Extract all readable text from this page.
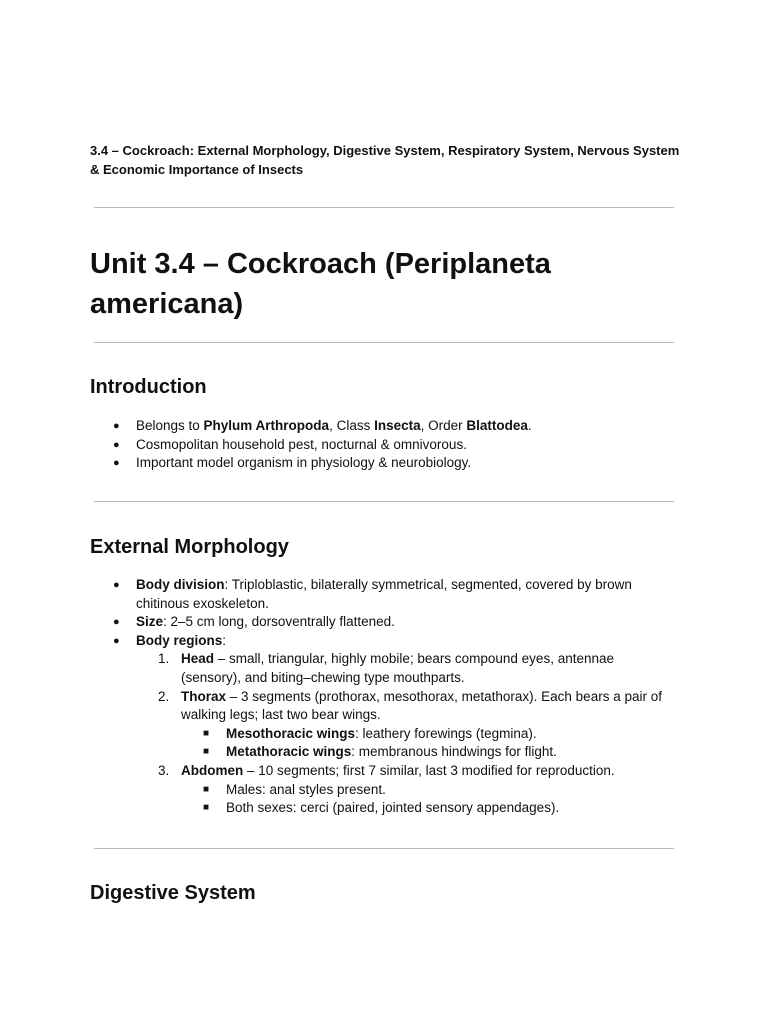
3.4 – Cockroach: External Morphology, Digestive System, Respiratory System, Nervous System & Economic Importance of Insects
Unit 3.4 – Cockroach (Periplaneta americana)
Introduction
● Belongs to Phylum Arthropoda, Class Insecta, Order Blattodea.
● Cosmopolitan household pest, nocturnal & omnivorous.
● Important model organism in physiology & neurobiology.
External Morphology
● Body division: Triploblastic, bilaterally symmetrical, segmented, covered by brown chitinous exoskeleton.
● Size: 2–5 cm long, dorsoventrally flattened.
● Body regions:
1. Head – small, triangular, highly mobile; bears compound eyes, antennae (sensory), and biting–chewing type mouthparts.
2. Thorax – 3 segments (prothorax, mesothorax, metathorax). Each bears a pair of walking legs; last two bear wings.
■ Mesothoracic wings: leathery forewings (tegmina).
■ Metathoracic wings: membranous hindwings for flight.
3. Abdomen – 10 segments; first 7 similar, last 3 modified for reproduction.
■ Males: anal styles present.
■ Both sexes: cerci (paired, jointed sensory appendages).
Digestive System
